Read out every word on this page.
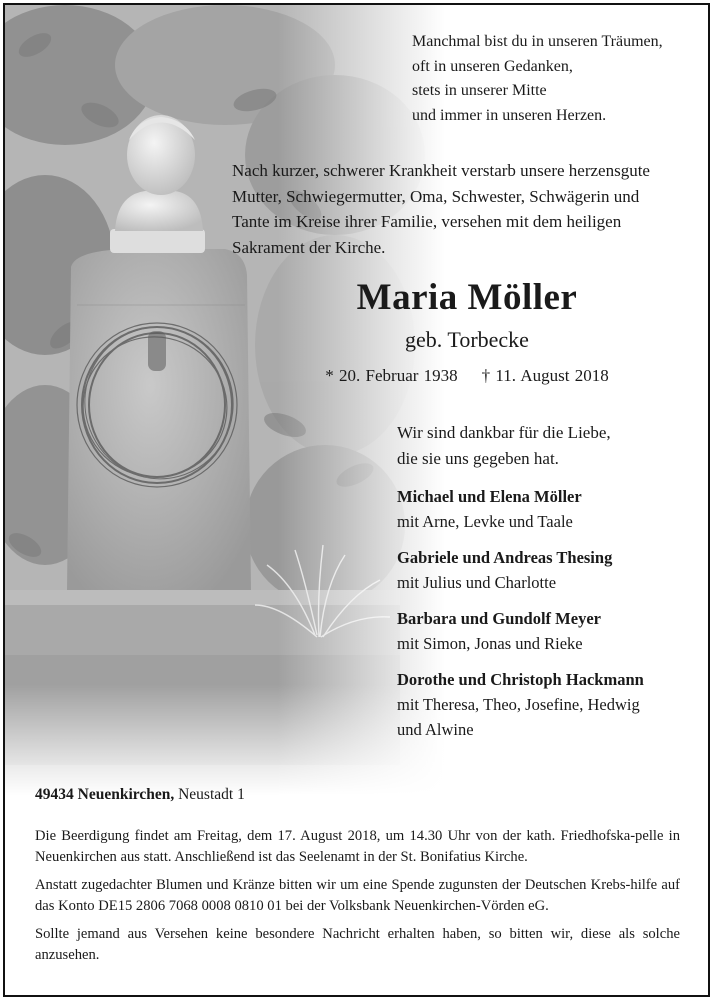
Manchmal bist du in unseren Träumen,
oft in unseren Gedanken,
stets in unserer Mitte
und immer in unseren Herzen.
Nach kurzer, schwerer Krankheit verstarb unsere herzensgute
Mutter, Schwiegermutter, Oma, Schwester, Schwägerin und
Tante im Kreise ihrer Familie, versehen mit dem heiligen
Sakrament der Kirche.
Maria Möller
geb. Torbecke
* 20. Februar 1938 † 11. August 2018
Wir sind dankbar für die Liebe,
die sie uns gegeben hat.
Michael und Elena Möller
mit Arne, Levke und Taale
Gabriele und Andreas Thesing
mit Julius und Charlotte
Barbara und Gundolf Meyer
mit Simon, Jonas und Rieke
Dorothe und Christoph Hackmann
mit Theresa, Theo, Josefine, Hedwig
und Alwine
49434 Neuenkirchen, Neustadt 1
Die Beerdigung findet am Freitag, dem 17. August 2018, um 14.30 Uhr von der kath. Friedhofska-pelle in Neuenkirchen aus statt. Anschließend ist das Seelenamt in der St. Bonifatius Kirche.
Anstatt zugedachter Blumen und Kränze bitten wir um eine Spende zugunsten der Deutschen Krebs-hilfe auf das Konto DE15 2806 7068 0008 0810 01 bei der Volksbank Neuenkirchen-Vörden eG.
Sollte jemand aus Versehen keine besondere Nachricht erhalten haben, so bitten wir, diese als solche anzusehen.
